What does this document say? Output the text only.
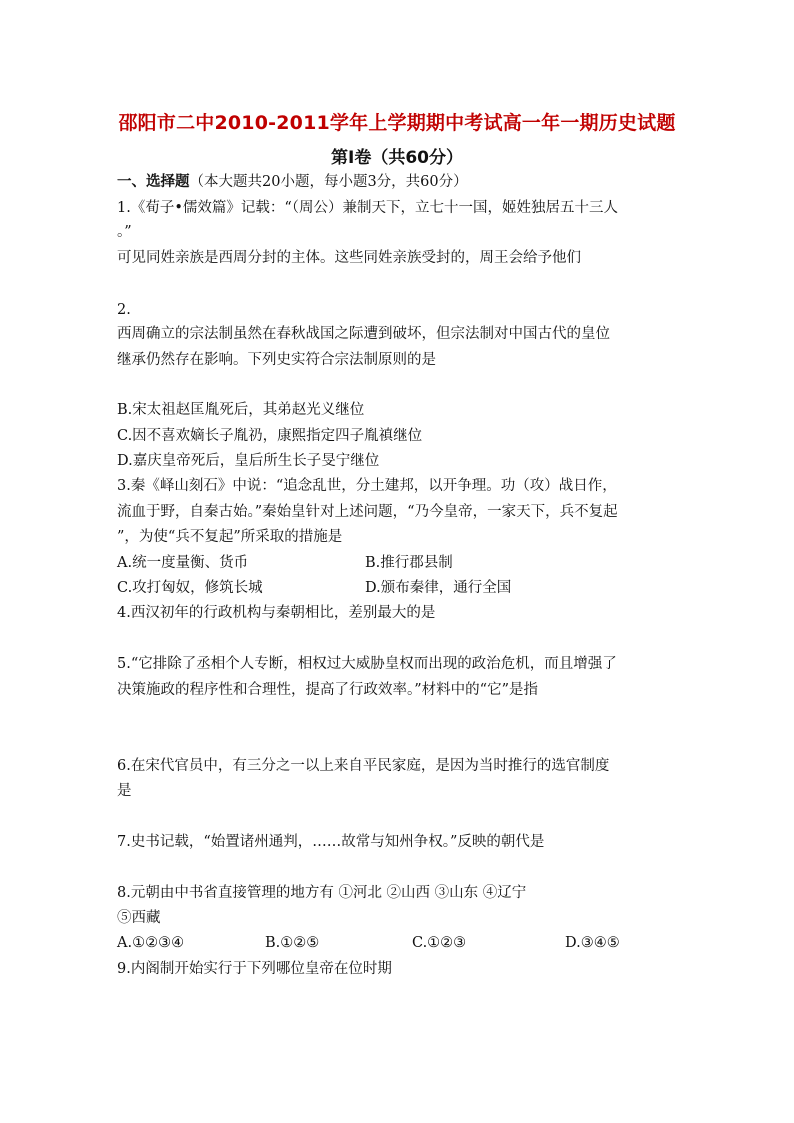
邵阳市二中2010-2011学年上学期期中考试高一年一期历史试题
第Ⅰ卷（共60分）
一、选择题（本大题共20小题，每小题3分，共60分）
1.《荀子•儒效篇》记载：“（周公）兼制天下，立七十一国，姬姓独居五十三人
。”
可见同姓亲族是西周分封的主体。这些同姓亲族受封的，周王会给予他们
2.
西周确立的宗法制虽然在春秋战国之际遭到破坏，但宗法制对中国古代的皇位
继承仍然存在影响。下列史实符合宗法制原则的是
B.宋太祖赵匡胤死后，其弟赵光义继位
C.因不喜欢嫡长子胤礽，康熙指定四子胤禛继位
D.嘉庆皇帝死后，皇后所生长子旻宁继位
3.秦《峄山刻石》中说：“追念乱世，分土建邦，以开争理。功（攻）战日作，
流血于野，自秦古始。”秦始皇针对上述问题，“乃今皇帝，一家天下，兵不复起
”，为使“兵不复起”所采取的措施是
A.统一度量衡、货币	B.推行郡县制
C.攻打匈奴，修筑长城	D.颁布秦律，通行全国
4.西汉初年的行政机构与秦朝相比，差别最大的是
5.“它排除了丞相个人专断，相权过大威胁皇权而出现的政治危机，而且增强了
决策施政的程序性和合理性，提高了行政效率。”材料中的“它”是指
6.在宋代官员中，有三分之一以上来自平民家庭，是因为当时推行的选官制度
是
7.史书记载，“始置诸州通判，……故常与知州争权。”反映的朝代是
8.元朝由中书省直接管理的地方有 ①河北 ②山西 ③山东 ④辽宁
⑤西藏
A.①②③④	B.①②⑤	C.①②③	D.③④⑤
9.内阁制开始实行于下列哪位皇帝在位时期
